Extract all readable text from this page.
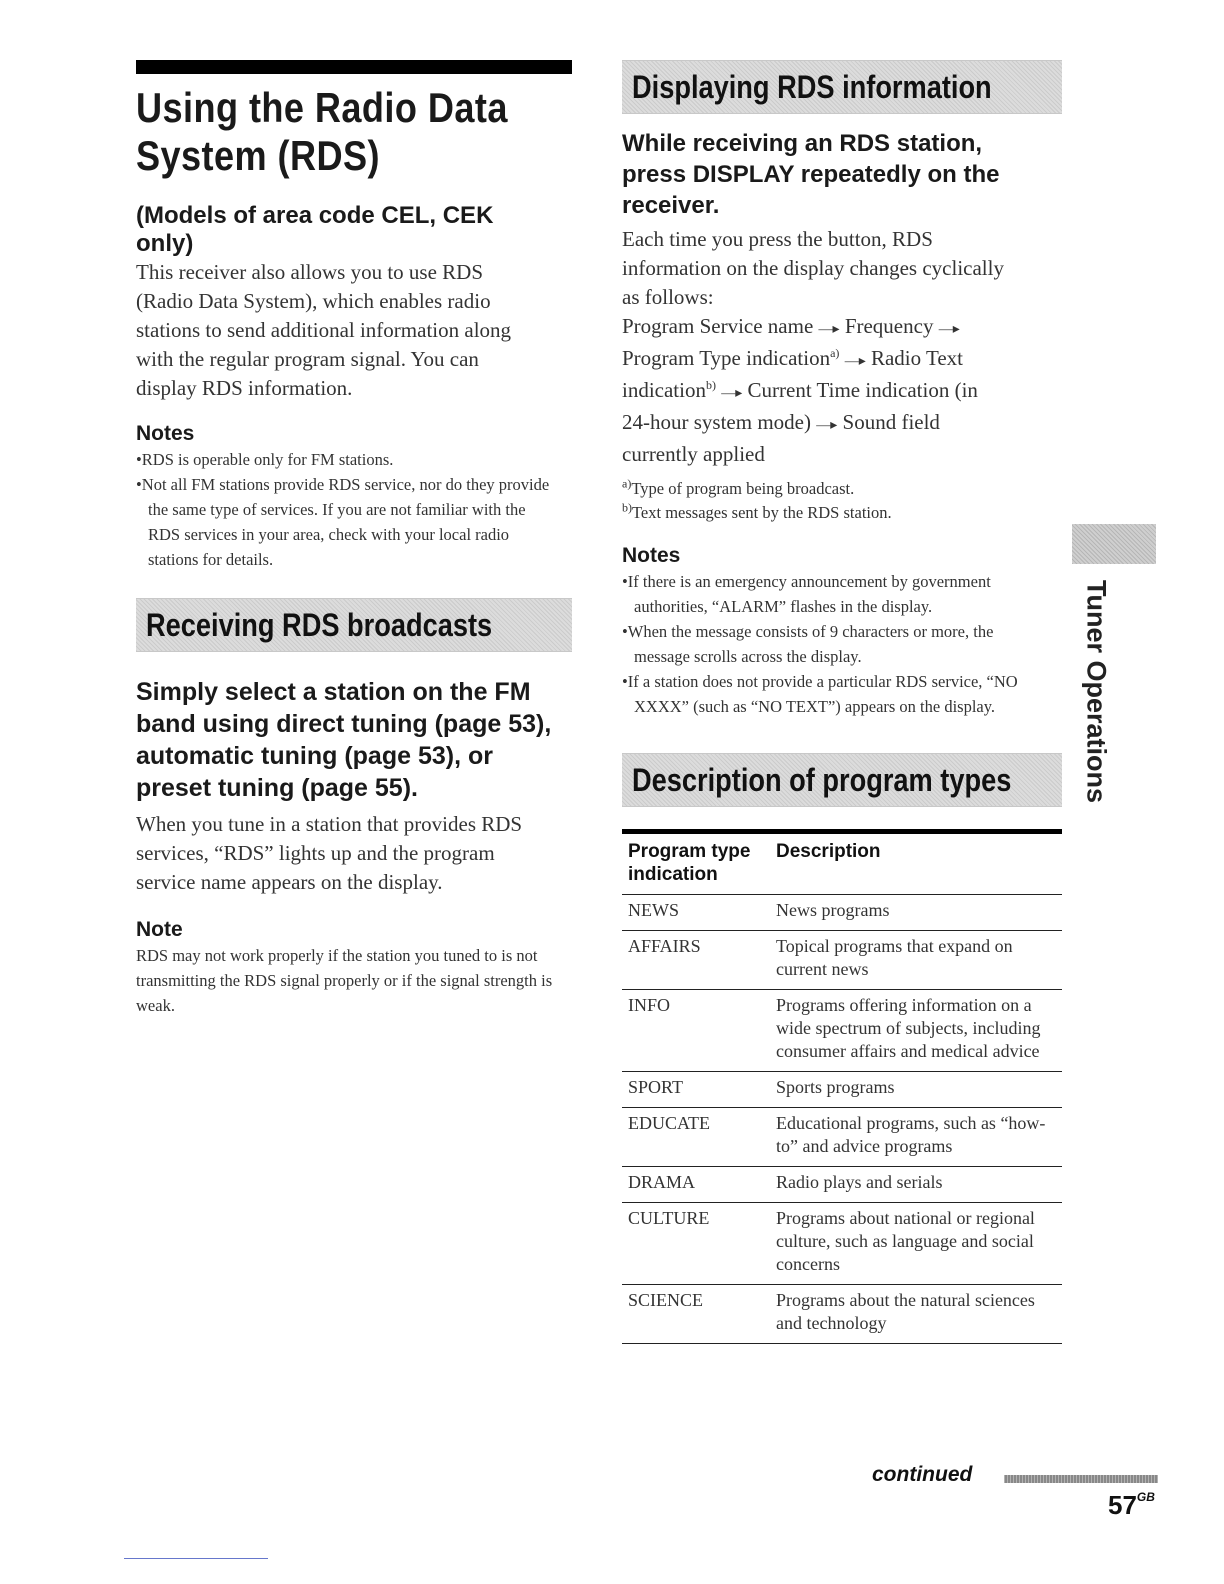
Using the Radio Data
System (RDS)
(Models of area code CEL, CEK
only)
This receiver also allows you to use RDS
(Radio Data System), which enables radio
stations to send additional information along
with the regular program signal. You can
display RDS information.
Notes
• RDS is operable only for FM stations.
• Not all FM stations provide RDS service, nor do they provide the same type of services. If you are not familiar with the RDS services in your area, check with your local radio stations for details.
Receiving RDS broadcasts
Simply select a station on the FM
band using direct tuning (page 53),
automatic tuning (page 53), or
preset tuning (page 55).
When you tune in a station that provides RDS
services, “RDS” lights up and the program
service name appears on the display.
Note

RDS may not work properly if the station you tuned to is not transmitting the RDS signal properly or if the signal strength is weak.

Displaying RDS information
While receiving an RDS station,
press DISPLAY repeatedly on the
receiver.
Each time you press the button, RDS
information on the display changes cyclically
as follows:
Program Service name —▸ Frequency —▸
Program Type indication$^{a)}$ —▸ Radio Text
indication$^{b)}$ —▸ Current Time indication (in
24-hour system mode) —▸ Sound field
currently applied

$^{a)}$Type of program being broadcast.

$^{b)}$Text messages sent by the RDS station.

Notes
• If there is an emergency announcement by government authorities, “ALARM” flashes in the display.
• When the message consists of 9 characters or more, the message scrolls across the display.
• If a station does not provide a particular RDS service, “NO XXXX” (such as “NO TEXT”) appears on the display.
Description of program types
Program type
indication	Description
NEWS	News programs
AFFAIRS	Topical programs that expand on current news
INFO	Programs offering information on a wide spectrum of subjects, including consumer affairs and medical advice
SPORT	Sports programs
EDUCATE	Educational programs, such as “how-to” and advice programs
DRAMA	Radio plays and serials
CULTURE	Programs about national or regional culture, such as language and social concerns
SCIENCE	Programs about the natural sciences and technology
Tuner Operations
continued
$57^{GB}$
